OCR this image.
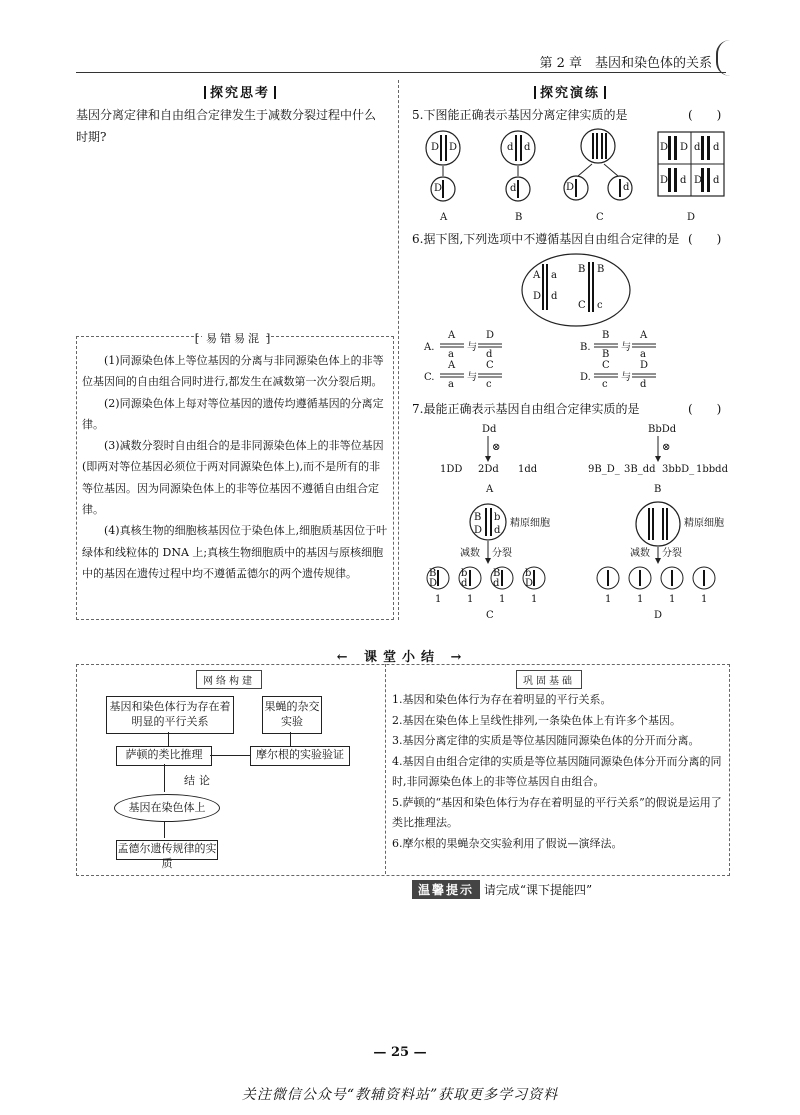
第 2 章　基因和染色体的关系
探究思考
基因分离定律和自由组合定律发生于减数分裂过程中什么
时期?
[ 易错易混 ]

(1)同源染色体上等位基因的分离与非同源染色体上的非等位基因间的自由组合同时进行,都发生在减数第一次分裂后期。

(2)同源染色体上每对等位基因的遗传均遵循基因的分离定律。

(3)减数分裂时自由组合的是非同源染色体上的非等位基因(即两对等位基因必须位于两对同源染色体上),而不是所有的非等位基因。因为同源染色体上的非等位基因不遵循自由组合定律。

(4)真核生物的细胞核基因位于染色体上,细胞质基因位于叶绿体和线粒体的 DNA 上;真核生物细胞质中的基因与原核细胞中的基因在遗传过程中均不遵循孟德尔的两个遗传规律。

探究演练
5.下图能正确表示基因分离定律实质的是	(　　)
D D
D
A
d d
d
B
D	d
C
D D d d
D d D d
D
6.据下图,下列选项中不遵循基因自由组合定律的是 (　　)
A a
D d
B B
C c
A.
A
a
与
D
d
B.
B
B
与
A
a
C.
A
a
与
C
c
D.
C
c
与
D
d
7.最能正确表示基因自由组合定律实质的是	(　　)
Dd
⊗
1DD 2Dd 1dd
A
BbDd
⊗
9B_D_ 3B_dd 3bbD_ 1bbdd
B
B b
D d
精原细胞
减数 分裂
B
D
b
d
B
d
b
D
1	1	1	1
C
精原细胞
减数 分裂
1	1	1	1
D
← 课堂小结 →
网络构建	巩固基础
基因和染色体行为存在着明显的平行关系
果蝇的杂交实验
萨顿的类比推理	摩尔根的实验验证
结论
基因在染色体上
孟德尔遗传规律的实质

1.基因和染色体行为存在着明显的平行关系。

2.基因在染色体上呈线性排列,一条染色体上有许多个基因。

3.基因分离定律的实质是等位基因随同源染色体的分开而分离。

4.基因自由组合定律的实质是等位基因随同源染色体分开而分离的同时,非同源染色体上的非等位基因自由组合。

5.萨顿的“基因和染色体行为存在着明显的平行关系”的假说是运用了类比推理法。

6.摩尔根的果蝇杂交实验利用了假说—演绎法。

温馨提示 请完成“课下提能四”
— 25 —
关注微信公众号“教辅资料站”获取更多学习资料
